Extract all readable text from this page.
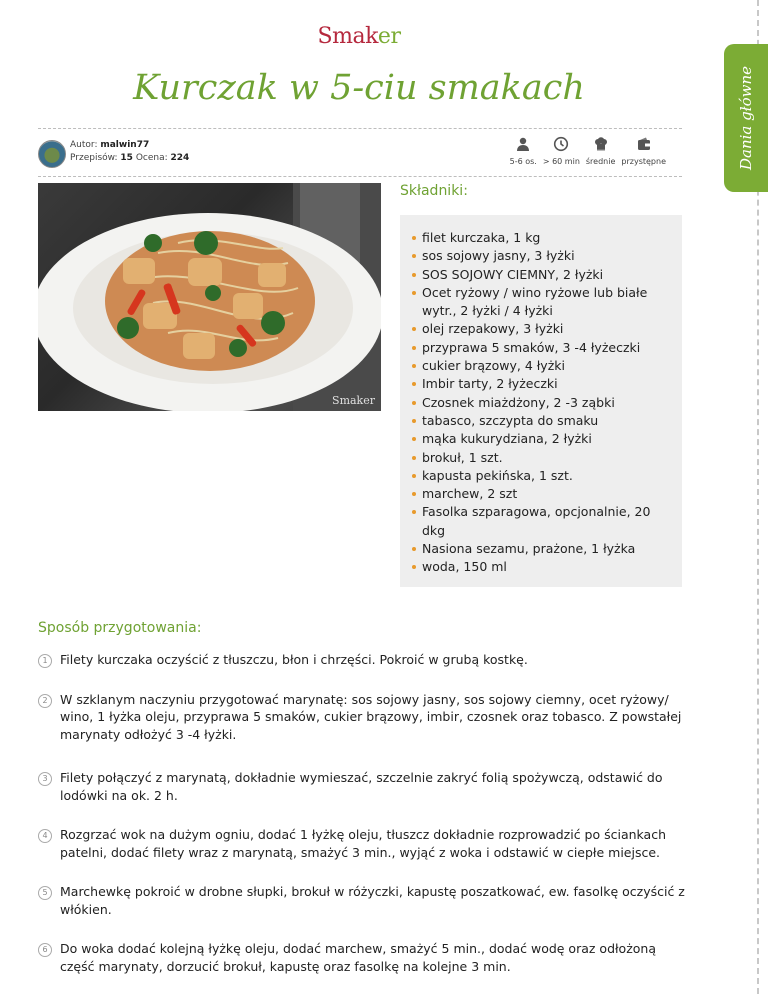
Dania główne
Smaker
Kurczak w 5-ciu smakach
Autor: malwin77
Przepisów: 15 Ocena: 224	5-6 os. > 60 min średnie przystępne
Smaker
Składniki:
filet kurczaka, 1 kg
sos sojowy jasny, 3 łyżki
SOS SOJOWY CIEMNY, 2 łyżki
Ocet ryżowy / wino ryżowe lub białe wytr., 2 łyżki / 4 łyżki
olej rzepakowy, 3 łyżki
przyprawa 5 smaków, 3 -4 łyżeczki
cukier brązowy, 4 łyżki
Imbir tarty, 2 łyżeczki
Czosnek miażdżony, 2 -3 ząbki
tabasco, szczypta do smaku
mąka kukurydziana, 2 łyżki
brokuł, 1 szt.
kapusta pekińska, 1 szt.
marchew, 2 szt
Fasolka szparagowa, opcjonalnie, 20 dkg
Nasiona sezamu, prażone, 1 łyżka
woda, 150 ml
Sposób przygotowania:
1 Filety kurczaka oczyścić z tłuszczu, błon i chrzęści. Pokroić w grubą kostkę.
2 W szklanym naczyniu przygotować marynatę: sos sojowy jasny, sos sojowy ciemny, ocet ryżowy/ wino, 1 łyżka oleju, przyprawa 5 smaków, cukier brązowy, imbir, czosnek oraz tobasco. Z powstałej marynaty odłożyć 3 -4 łyżki.
3 Filety połączyć z marynatą, dokładnie wymieszać, szczelnie zakryć folią spożywczą, odstawić do lodówki na ok. 2 h.
4 Rozgrzać wok na dużym ogniu, dodać 1 łyżkę oleju, tłuszcz dokładnie rozprowadzić po ściankach patelni, dodać filety wraz z marynatą, smażyć 3 min., wyjąć z woka i odstawić w ciepłe miejsce.
5 Marchewkę pokroić w drobne słupki, brokuł w różyczki, kapustę poszatkować, ew. fasolkę oczyścić z włókien.
6 Do woka dodać kolejną łyżkę oleju, dodać marchew, smażyć 5 min., dodać wodę oraz odłożoną część marynaty, dorzucić brokuł, kapustę oraz fasolkę na kolejne 3 min.
